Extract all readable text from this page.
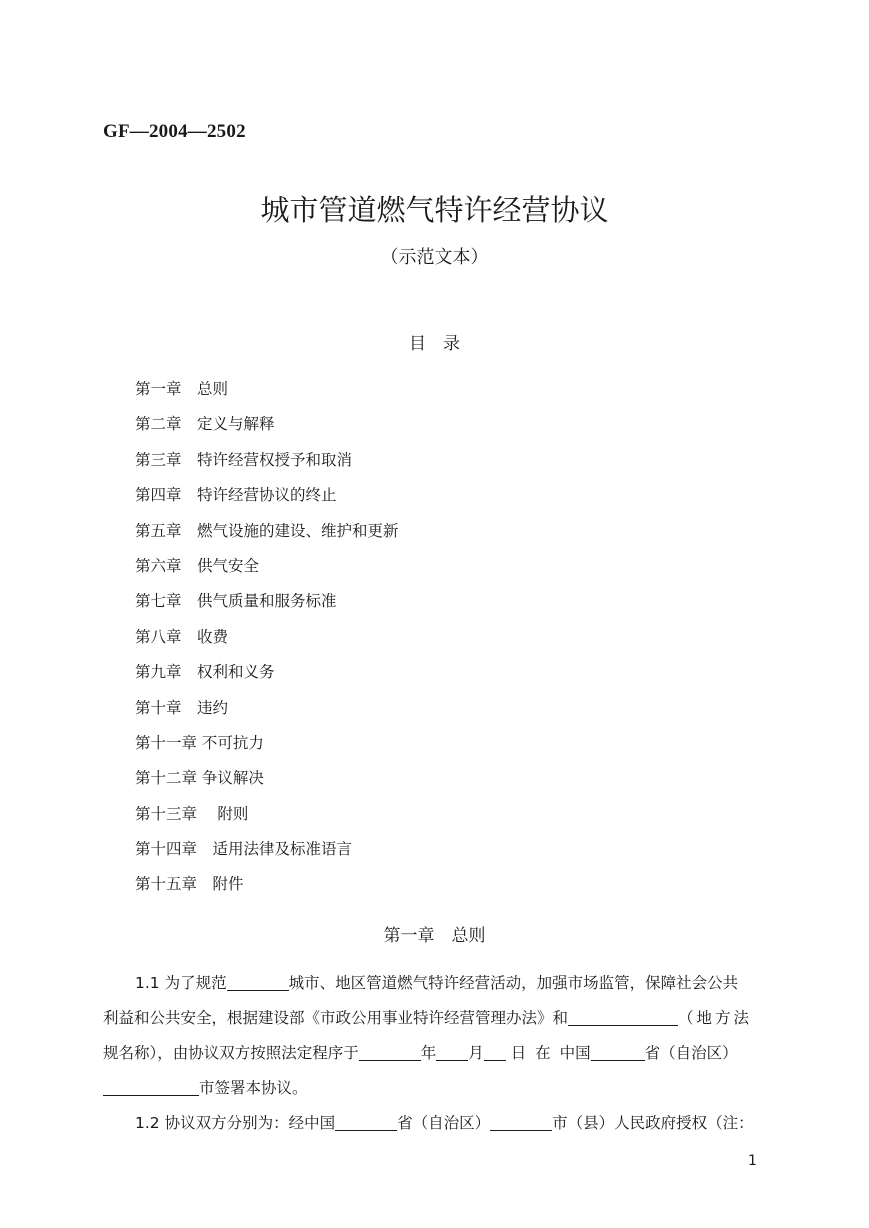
GF—2004—2502
城市管道燃气特许经营协议
（示范文本）
目　录
第一章　总则
第二章　定义与解释
第三章　特许经营权授予和取消
第四章　特许经营协议的终止
第五章　燃气设施的建设、维护和更新
第六章　供气安全
第七章　供气质量和服务标准
第八章　收费
第九章　权利和义务
第十章　违约
第十一章 不可抗力
第十二章 争议解决
第十三章　 附则
第十四章　适用法律及标准语言
第十五章　附件
第一章　总则
1.1 为了规范	城市、地区管道燃气特许经营活动，加强市场监管，保障社会公共
利益和公共安全，根据建设部《市政公用事业特许经营管理办法》和	（地方法
规名称），由协议双方按照法定程序于	年 月 日 在 中国	省（自治区）
市签署本协议。
1.2 协议双方分别为：经中国	省（自治区）	市（县）人民政府授权（注：
1
